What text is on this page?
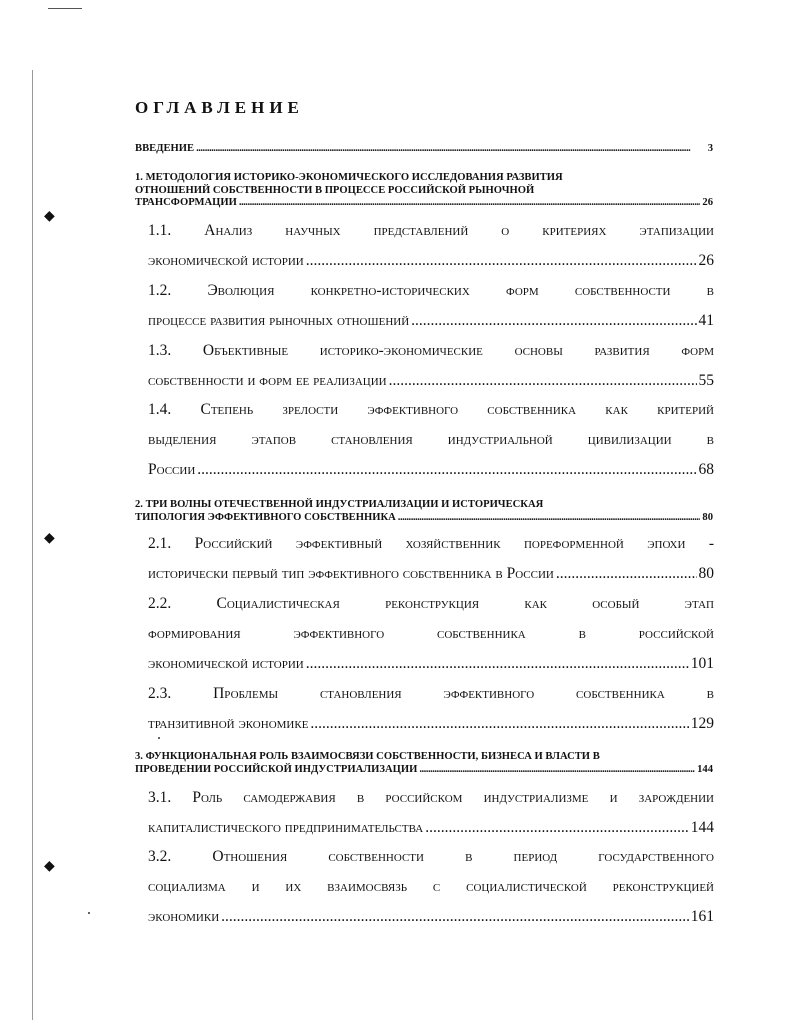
◆
◆
◆
ОГЛАВЛЕНИЕ
ВВЕДЕНИЕ .....	3
1. МЕТОДОЛОГИЯ ИСТОРИКО-ЭКОНОМИЧЕСКОГО ИССЛЕДОВАНИЯ РАЗВИТИЯ
ОТНОШЕНИЙ СОБСТВЕННОСТИ В ПРОЦЕССЕ РОССИЙСКОЙ РЫНОЧНОЙ
ТРАНСФОРМАЦИИ .....	26
1.1. Анализ научных представлений о критериях этапизации
экономической истории .....	26
1.2. Эволюция конкретно-исторических форм собственности в
процессе развития рыночных отношений .....	41
1.3. Объективные историко-экономические основы развития форм
собственности и форм ее реализации .....	55
1.4. Степень зрелости эффективного собственника как критерий
выделения этапов становления индустриальной цивилизации в
России .....	68
2. ТРИ ВОЛНЫ ОТЕЧЕСТВЕННОЙ ИНДУСТРИАЛИЗАЦИИ И ИСТОРИЧЕСКАЯ
ТИПОЛОГИЯ ЭФФЕКТИВНОГО СОБСТВЕННИКА .....	80
2.1. Российский эффективный хозяйственник пореформенной эпохи -
исторически первый тип эффективного собственника в России .....	80
2.2. Социалистическая реконструкция как особый этап
формирования эффективного собственника в российской
экономической истории .....	101
2.3. Проблемы становления эффективного собственника в
транзитивной экономике .....	129
3. ФУНКЦИОНАЛЬНАЯ РОЛЬ ВЗАИМОСВЯЗИ СОБСТВЕННОСТИ, БИЗНЕСА И ВЛАСТИ В
ПРОВЕДЕНИИ РОССИЙСКОЙ ИНДУСТРИАЛИЗАЦИИ .....	144
3.1. Роль самодержавия в российском индустриализме и зарождении
капиталистического предпринимательства .....	144
3.2. Отношения собственности в период государственного
социализма и их взаимосвязь с социалистической реконструкцией
экономики .....	161
